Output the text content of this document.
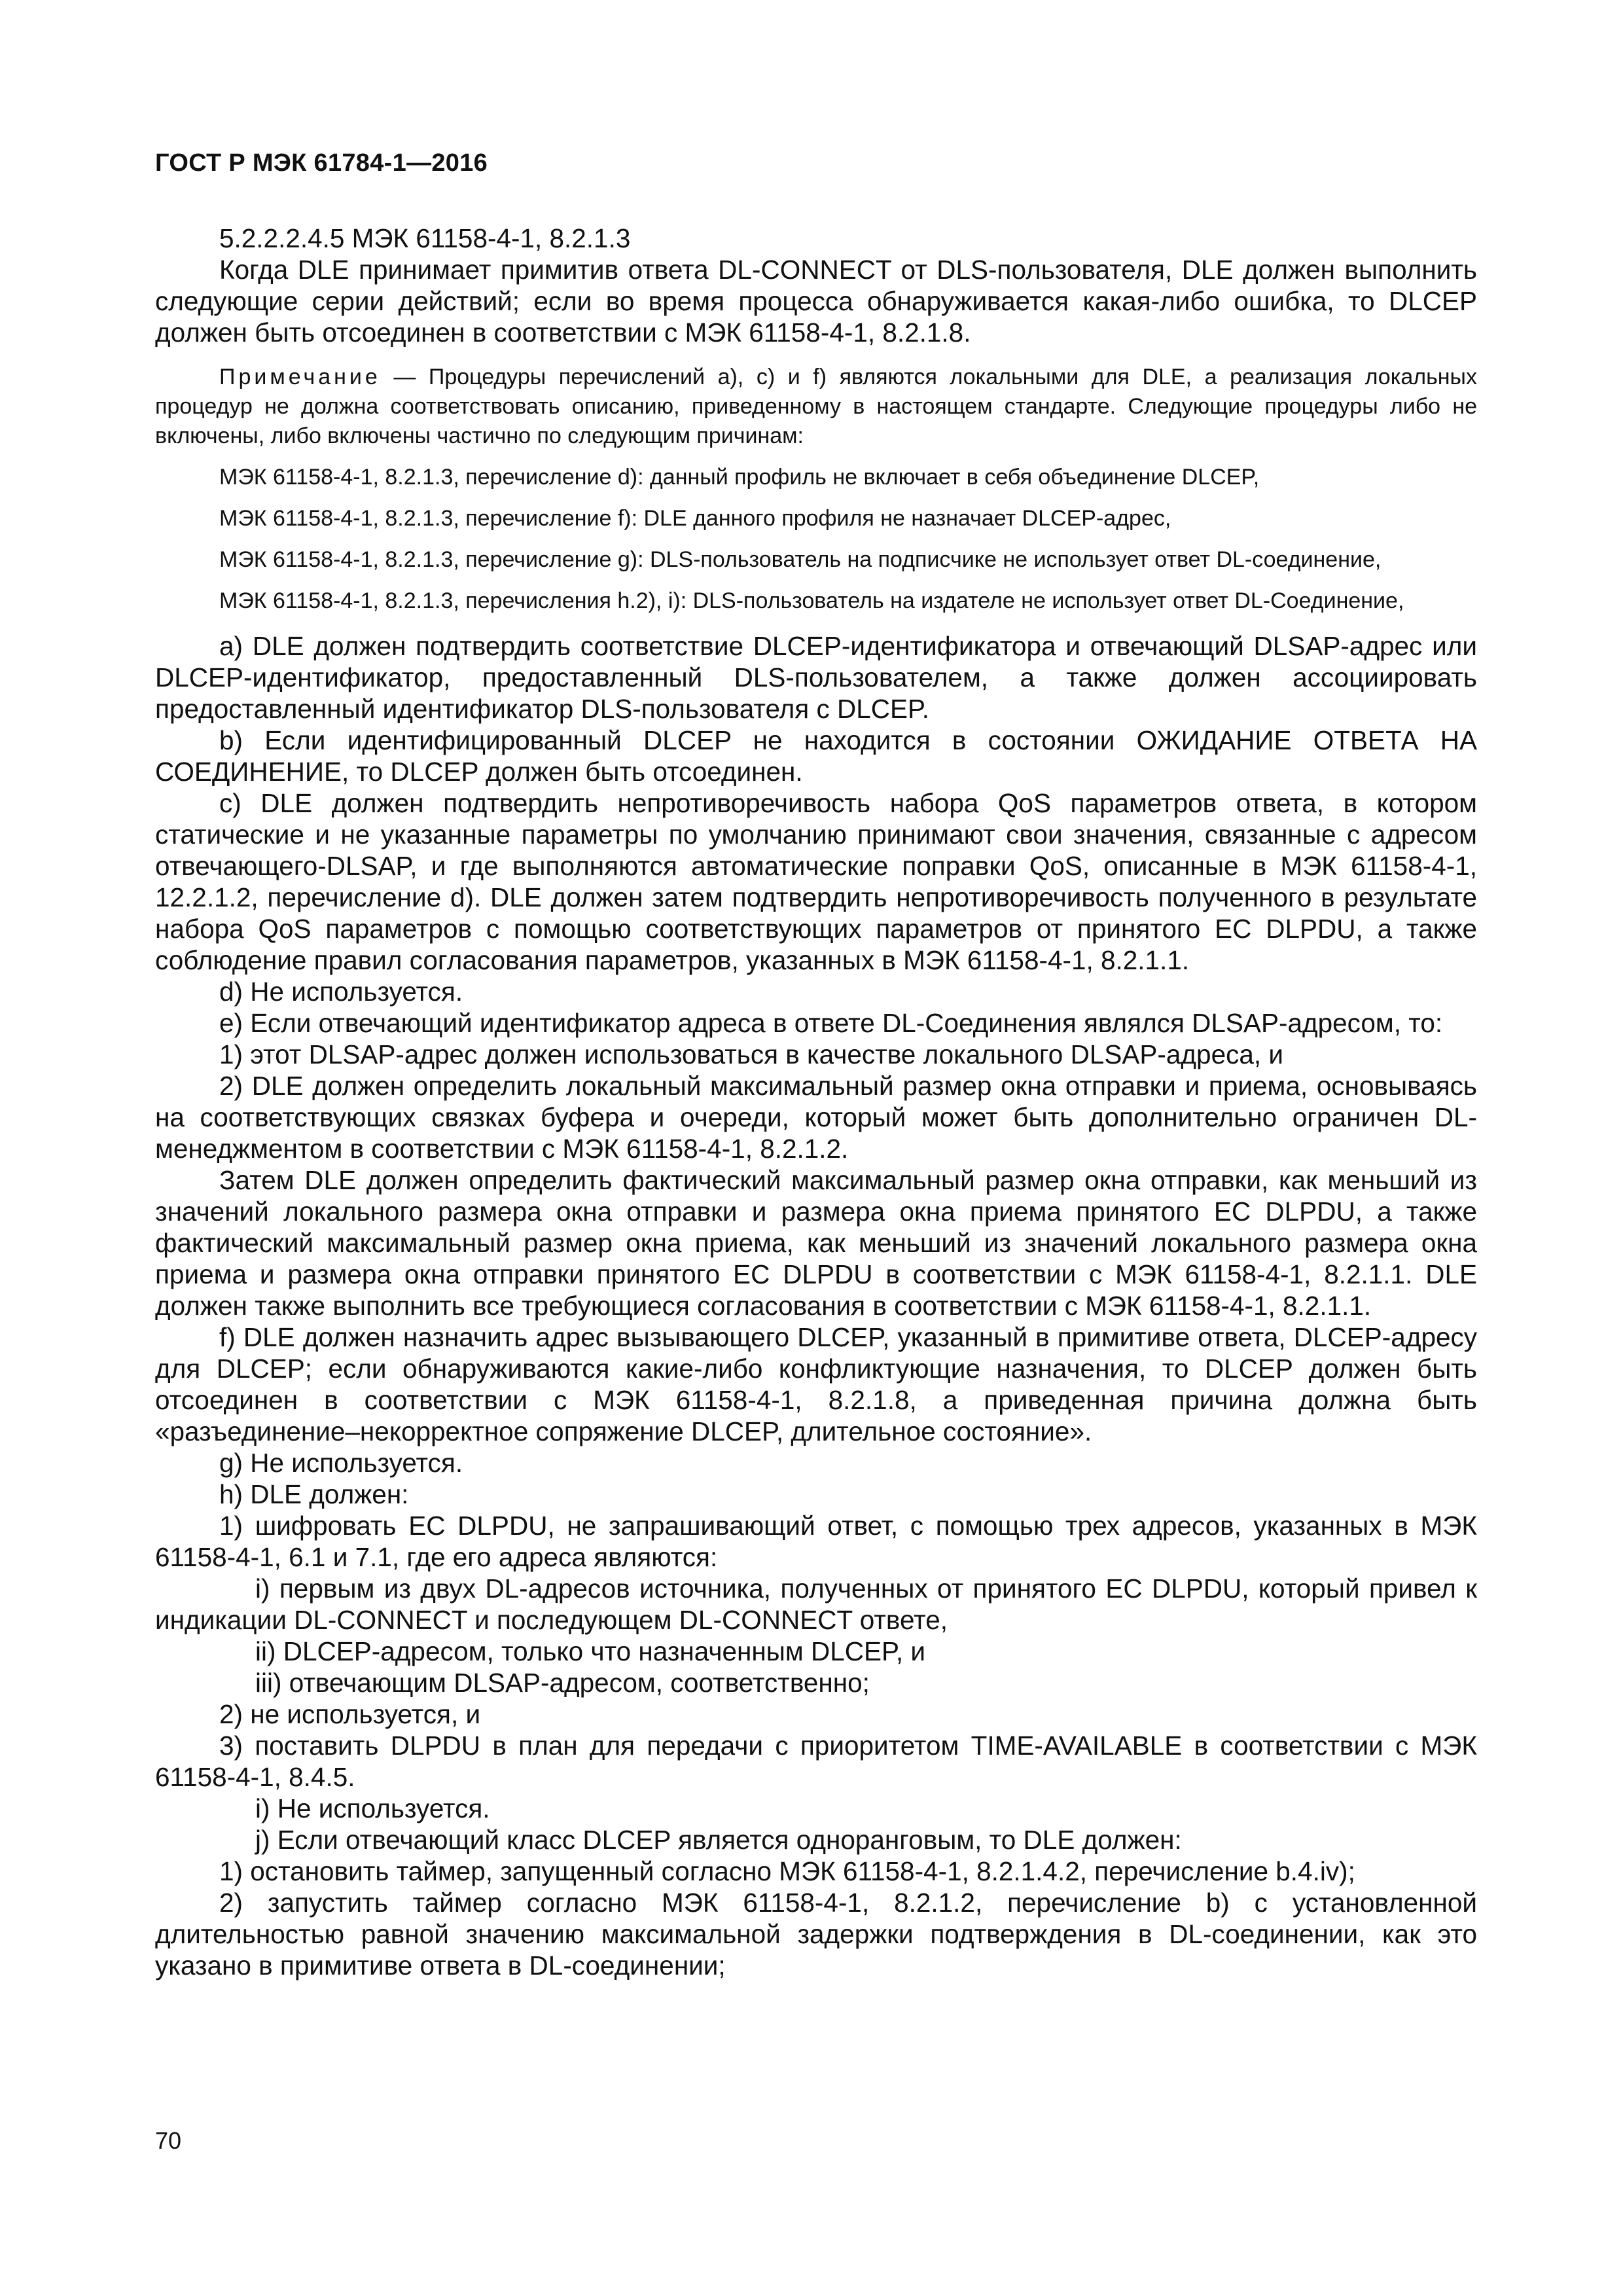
ГОСТ Р МЭК 61784-1—2016

5.2.2.2.4.5 МЭК 61158-4-1, 8.2.1.3

Когда DLE принимает примитив ответа DL-CONNECT от DLS-пользователя, DLE должен выполнить следующие серии действий; если во время процесса обнаруживается какая-либо ошибка, то DLCEP должен быть отсоединен в соответствии с МЭК 61158-4-1, 8.2.1.8.

Примечание — Процедуры перечислений a), c) и f) являются локальными для DLE, а реализация локальных процедур не должна соответствовать описанию, приведенному в настоящем стандарте. Следующие процедуры либо не включены, либо включены частично по следующим причинам:

МЭК 61158-4-1, 8.2.1.3, перечисление d): данный профиль не включает в себя объединение DLCEP,

МЭК 61158-4-1, 8.2.1.3, перечисление f): DLE данного профиля не назначает DLCEP-адрес,

МЭК 61158-4-1, 8.2.1.3, перечисление g): DLS-пользователь на подписчике не использует ответ DL-соединение,

МЭК 61158-4-1, 8.2.1.3, перечисления h.2), i): DLS-пользователь на издателе не использует ответ DL-Соединение,

а) DLE должен подтвердить соответствие DLCEP-идентификатора и отвечающий DLSAP-адрес или DLCEP-идентификатор, предоставленный DLS-пользователем, а также должен ассоциировать предоставленный идентификатор DLS-пользователя с DLCEP.

b) Если идентифицированный DLCEP не находится в состоянии ОЖИДАНИЕ ОТВЕТА НА СОЕДИНЕНИЕ, то DLCEP должен быть отсоединен.

с) DLE должен подтвердить непротиворечивость набора QoS параметров ответа, в котором статические и не указанные параметры по умолчанию принимают свои значения, связанные с адресом отвечающего-DLSAP, и где выполняются автоматические поправки QoS, описанные в МЭК 61158-4-1, 12.2.1.2, перечисление d). DLE должен затем подтвердить непротиворечивость полученного в результате набора QoS параметров с помощью соответствующих параметров от принятого EC DLPDU, а также соблюдение правил согласования параметров, указанных в МЭК 61158-4-1, 8.2.1.1.

d) Не используется.

е) Если отвечающий идентификатор адреса в ответе DL-Соединения являлся DLSAP-адресом, то:

1) этот DLSAP-адрес должен использоваться в качестве локального DLSAP-адреса, и

2) DLE должен определить локальный максимальный размер окна отправки и приема, основываясь на соответствующих связках буфера и очереди, который может быть дополнительно ограничен DL-менеджментом в соответствии с МЭК 61158-4-1, 8.2.1.2.

Затем DLE должен определить фактический максимальный размер окна отправки, как меньший из значений локального размера окна отправки и размера окна приема принятого EC DLPDU, а также фактический максимальный размер окна приема, как меньший из значений локального размера окна приема и размера окна отправки принятого EC DLPDU в соответствии с МЭК 61158-4-1, 8.2.1.1. DLE должен также выполнить все требующиеся согласования в соответствии с МЭК 61158-4-1, 8.2.1.1.

f) DLE должен назначить адрес вызывающего DLCEP, указанный в примитиве ответа, DLCEP-адресу для DLCEP; если обнаруживаются какие-либо конфликтующие назначения, то DLCEP должен быть отсоединен в соответствии с МЭК 61158-4-1, 8.2.1.8, а приведенная причина должна быть «разъединение–некорректное сопряжение DLCEP, длительное состояние».

g) Не используется.

h) DLE должен:

1) шифровать EC DLPDU, не запрашивающий ответ, с помощью трех адресов, указанных в МЭК 61158-4-1, 6.1 и 7.1, где его адреса являются:

i) первым из двух DL-адресов источника, полученных от принятого EC DLPDU, который привел к индикации DL-CONNECT и последующем DL-CONNECT ответе,

ii) DLCEP-адресом, только что назначенным DLCEP, и

iii) отвечающим DLSAP-адресом, соответственно;

2) не используется, и

3) поставить DLPDU в план для передачи с приоритетом TIME-AVAILABLE в соответствии с МЭК 61158-4-1, 8.4.5.

i) Не используется.

j) Если отвечающий класс DLCEP является одноранговым, то DLE должен:

1) остановить таймер, запущенный согласно МЭК 61158-4-1, 8.2.1.4.2, перечисление b.4.iv);

2) запустить таймер согласно МЭК 61158-4-1, 8.2.1.2, перечисление b) с установленной длительностью равной значению максимальной задержки подтверждения в DL-соединении, как это указано в примитиве ответа в DL-соединении;

70
